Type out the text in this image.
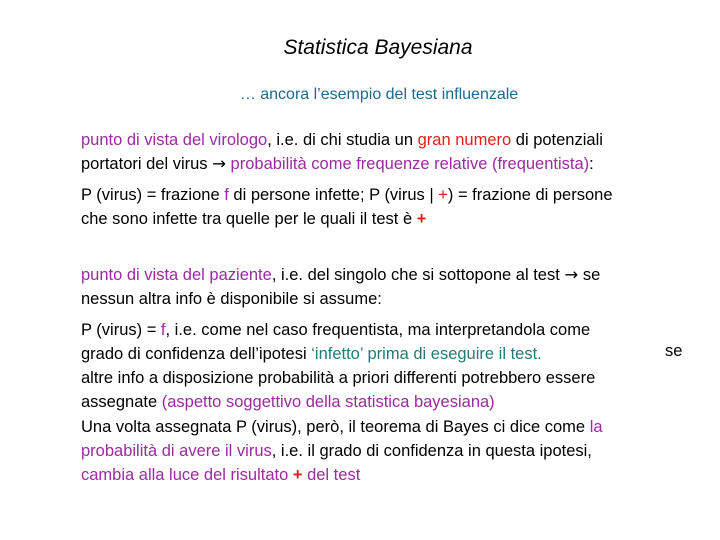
Statistica Bayesiana
… ancora l’esempio del test influenzale
punto di vista del virologo, i.e. di chi studia un gran numero di potenziali
portatori del virus → probabilità come frequenze relative (frequentista):
P (virus) = frazione f di persone infette; P (virus | +) = frazione di persone
che sono infette tra quelle per le quali il test è +
punto di vista del paziente, i.e. del singolo che si sottopone al test → se
nessun altra info è disponibile si assume:
P (virus) = f, i.e. come nel caso frequentista, ma interpretandola come
grado di confidenza dell’ipotesi ‘infetto’ prima di eseguire il test.
altre info a disposizione probabilità a priori differenti potrebbero essere
assegnate (aspetto soggettivo della statistica bayesiana)
se
Una volta assegnata P (virus), però, il teorema di Bayes ci dice come la
probabilità di avere il virus, i.e. il grado di confidenza in questa ipotesi,
cambia alla luce del risultato + del test
